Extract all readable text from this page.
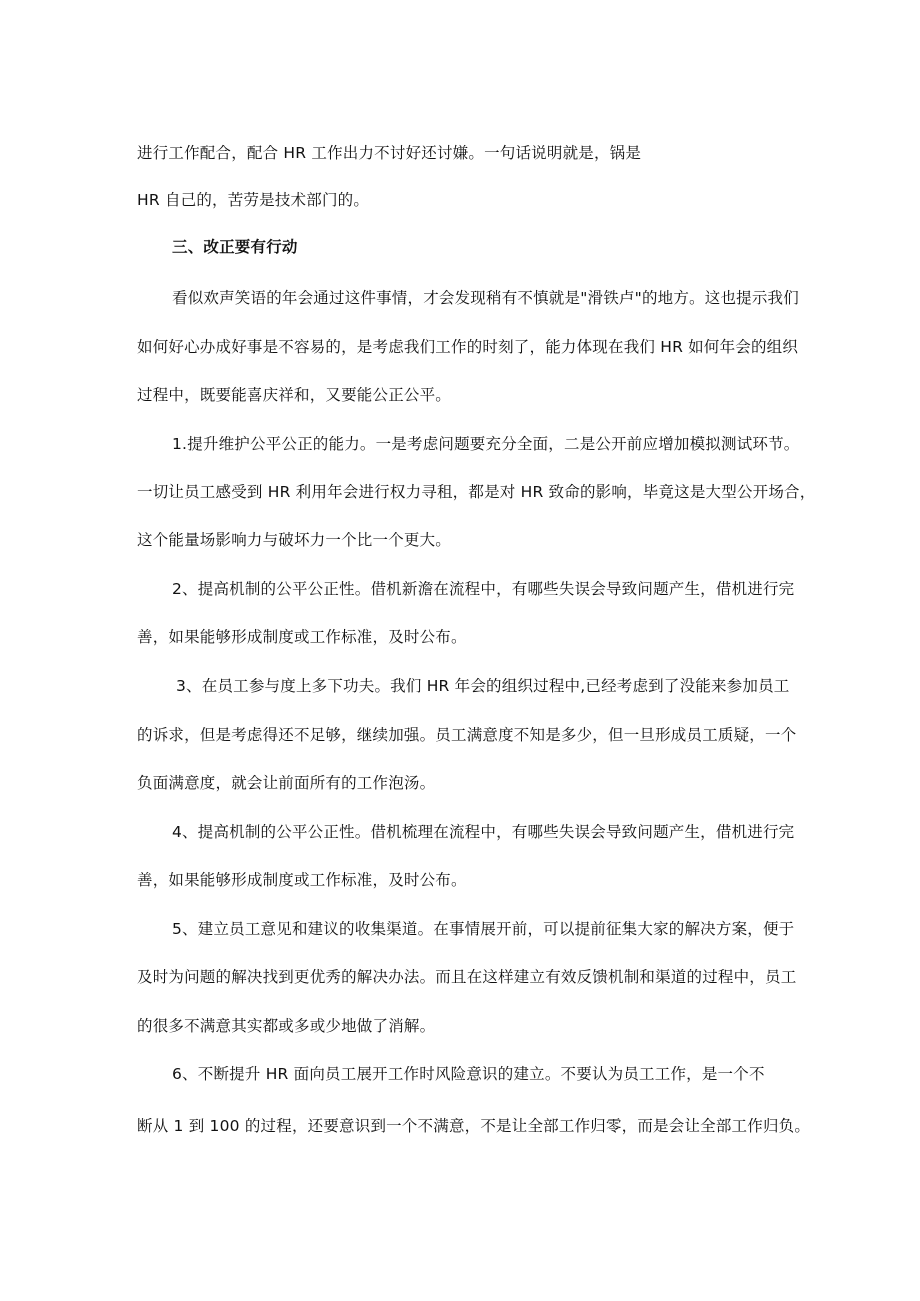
进行工作配合，配合 HR 工作出力不讨好还讨嫌。一句话说明就是，锅是
HR 自己的，苦劳是技术部门的。
三、改正要有行动
看似欢声笑语的年会通过这件事情，才会发现稍有不慎就是"滑铁卢"的地方。这也提示我们
如何好心办成好事是不容易的，是考虑我们工作的时刻了，能力体现在我们 HR 如何年会的组织
过程中，既要能喜庆祥和，又要能公正公平。
1.提升维护公平公正的能力。一是考虑问题要充分全面，二是公开前应增加模拟测试环节。
一切让员工感受到 HR 利用年会进行权力寻租，都是对 HR 致命的影响，毕竟这是大型公开场合，
这个能量场影响力与破坏力一个比一个更大。
2、提高机制的公平公正性。借机新澹在流程中，有哪些失误会导致问题产生，借机进行完
善，如果能够形成制度或工作标准，及时公布。
3、在员工参与度上多下功夫。我们 HR 年会的组织过程中,已经考虑到了没能来参加员工
的诉求，但是考虑得还不足够，继续加强。员工满意度不知是多少，但一旦形成员工质疑，一个
负面满意度，就会让前面所有的工作泡汤。
4、提高机制的公平公正性。借机梳理在流程中，有哪些失误会导致问题产生，借机进行完
善，如果能够形成制度或工作标准，及时公布。
5、建立员工意见和建议的收集渠道。在事情展开前，可以提前征集大家的解决方案，便于
及时为问题的解决找到更优秀的解决办法。而且在这样建立有效反馈机制和渠道的过程中，员工
的很多不满意其实都或多或少地做了消解。
6、不断提升 HR 面向员工展开工作时风险意识的建立。不要认为员工工作，是一个不
断从 1 到 100 的过程，还要意识到一个不满意，不是让全部工作归零，而是会让全部工作归负。
